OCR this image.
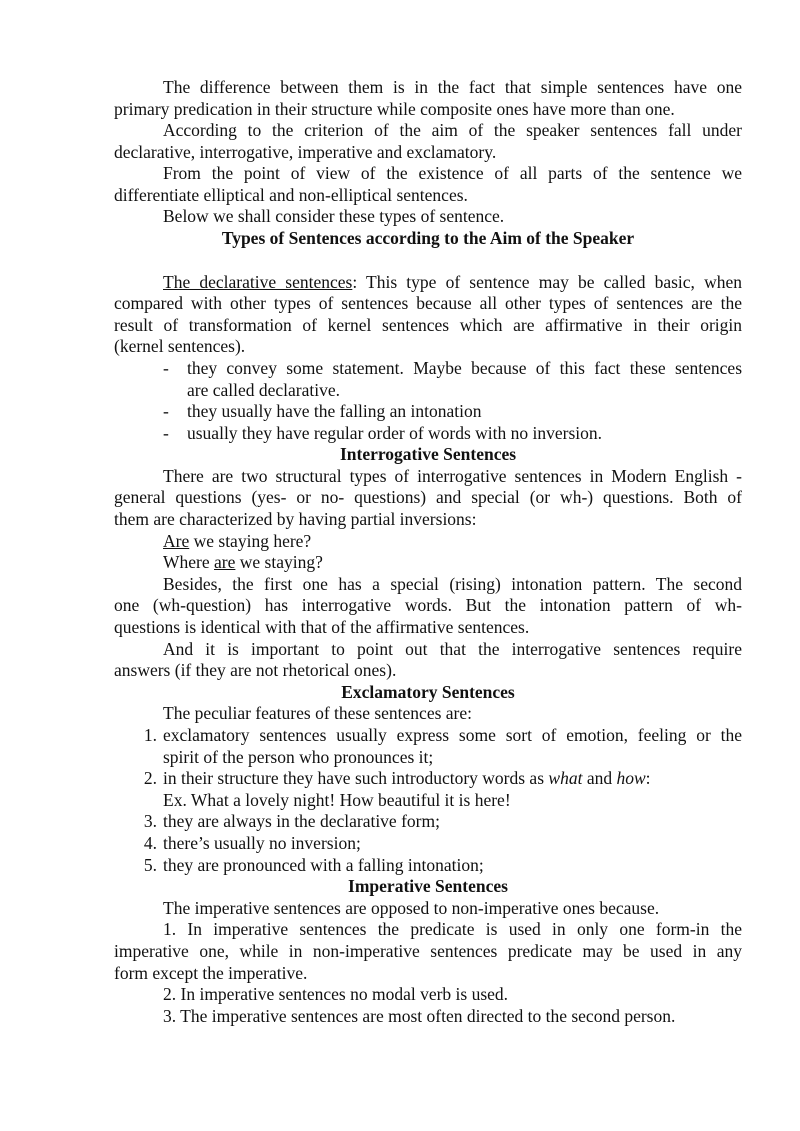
The difference between them is in the fact that simple sentences have one
primary predication in their structure while composite ones have more than one.
According to the criterion of the aim of the speaker sentences fall under
declarative, interrogative, imperative and exclamatory.
From the point of view of the existence of all parts of the sentence we
differentiate elliptical and non-elliptical sentences.
Below we shall consider these types of sentence.
Types of Sentences according to the Aim of the Speaker
The declarative sentences: This type of sentence may be called basic, when
compared with other types of sentences because all other types of sentences are the
result of transformation of kernel sentences which are affirmative in their origin
(kernel sentences).
- they convey some statement. Maybe because of this fact these sentences
are called declarative.
- they usually have the falling an intonation
- usually they have regular order of words with no inversion.
Interrogative Sentences
There are two structural types of interrogative sentences in Modern English -
general questions (yes- or no- questions) and special (or wh-) questions. Both of
them are characterized by having partial inversions:
Are we staying here?
Where are we staying?
Besides, the first one has a special (rising) intonation pattern. The second
one (wh-question) has interrogative words. But the intonation pattern of wh-
questions is identical with that of the affirmative sentences.
And it is important to point out that the interrogative sentences require
answers (if they are not rhetorical ones).
Exclamatory Sentences
The peculiar features of these sentences are:
1. exclamatory sentences usually express some sort of emotion, feeling or the
spirit of the person who pronounces it;
2. in their structure they have such introductory words as what and how:
Ex. What a lovely night! How beautiful it is here!
3. they are always in the declarative form;
4. there’s usually no inversion;
5. they are pronounced with a falling intonation;
Imperative Sentences
The imperative sentences are opposed to non-imperative ones because.
1. In imperative sentences the predicate is used in only one form-in the
imperative one, while in non-imperative sentences predicate may be used in any
form except the imperative.
2. In imperative sentences no modal verb is used.
3. The imperative sentences are most often directed to the second person.
